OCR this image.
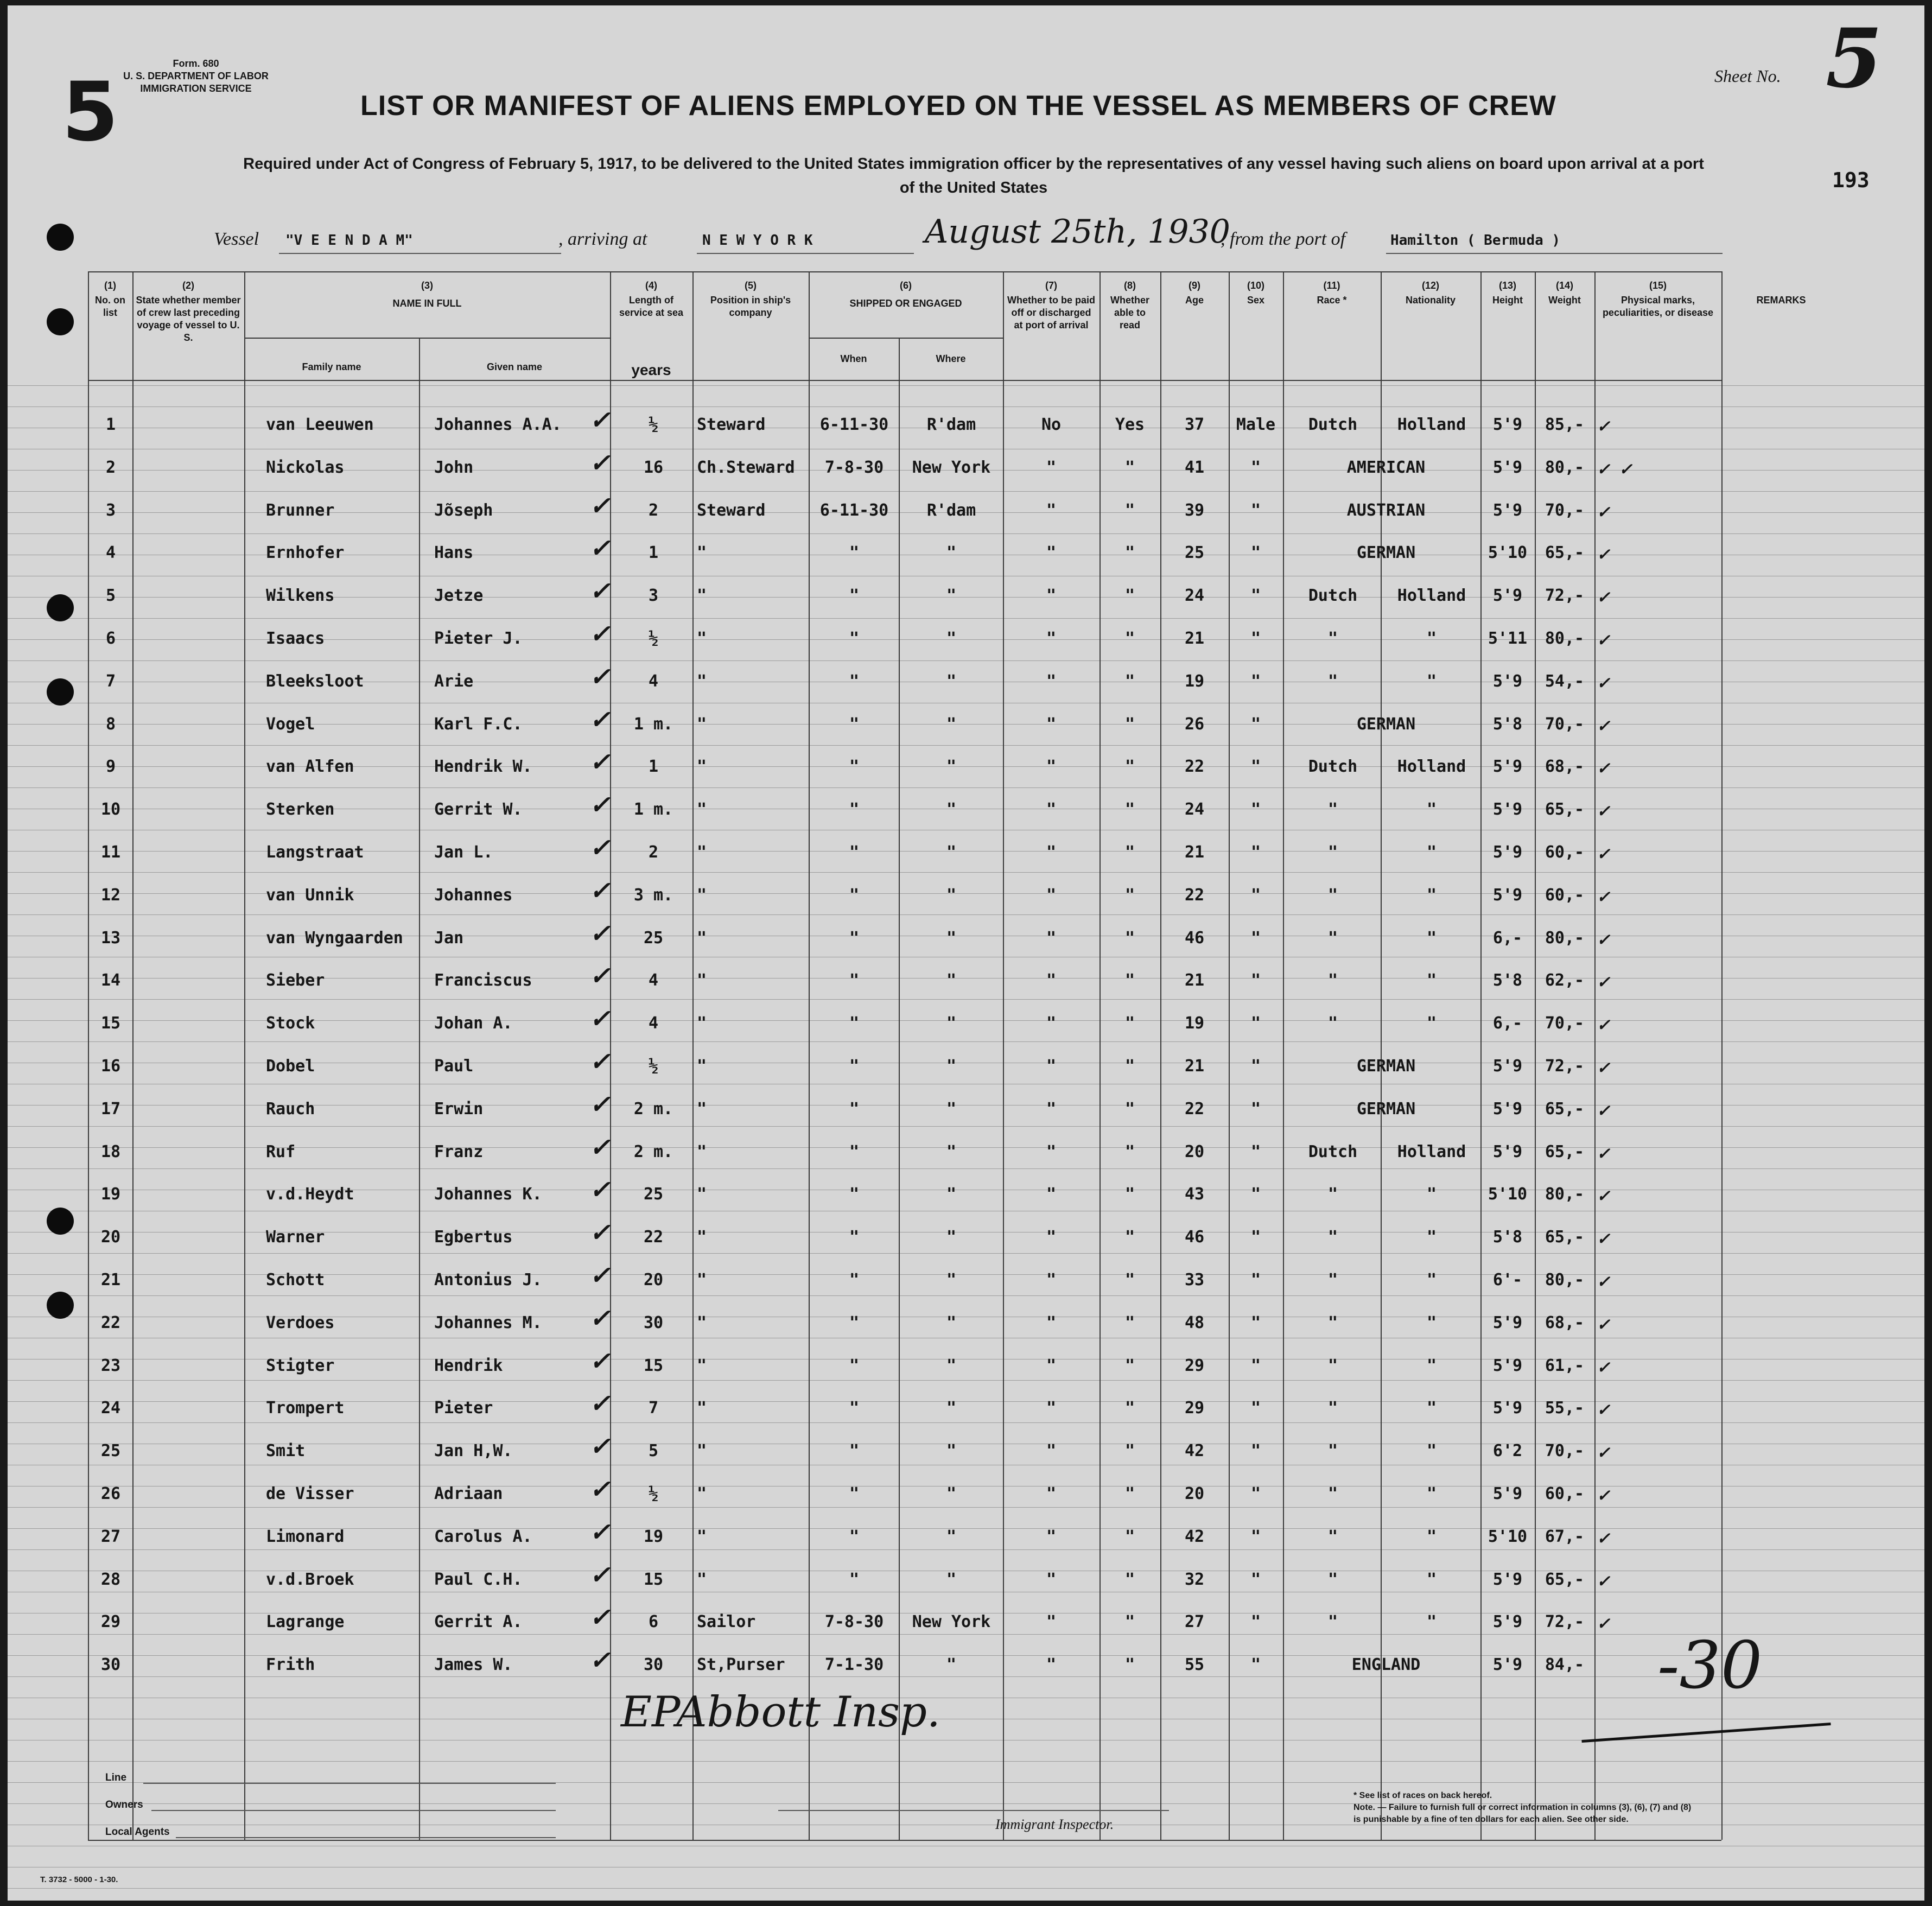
5
Form. 680
U. S. DEPARTMENT OF LABOR
IMMIGRATION SERVICE
Sheet No. 5
LIST OR MANIFEST OF ALIENS EMPLOYED ON THE VESSEL AS MEMBERS OF CREW
Required under Act of Congress of February 5, 1917, to be delivered to the United States immigration officer by the representatives of any vessel having such aliens on board upon arrival at a port
of the United States	193
Vessel "V E E N D A M"	, arriving at	N E W Y O R K	August 25th, 1930
, from the port of	Hamilton ( Bermuda )
(1)
No. on list
(2)
State whether member of crew last preceding voyage of vessel to U. S.
(3)
NAME IN FULL
(4)
Length of service at sea
(5)
Position in ship's company
(6)
SHIPPED OR ENGAGED
(7)
Whether to be paid off or discharged at port of arrival
(8)
Whether able to read
(9)
Age
(10)
Sex
(11)
Race *
(12)
Nationality
(13)
Height
(14)
Weight
(15)
Physical marks, peculiarities, or disease
REMARKS
Family name	Given name	years
When	Where
1	van Leeuwen	Johannes A.A.	½	Steward	6-11-30	R'dam	No	Yes	37	Male	Dutch	Holland	5'9	85,- ✓
✓
2	Nickolas	John	16	Ch.Steward	7-8-30	New York	"	"	41	"	AMERICAN	5'9	80,- ✓ ✓
✓
3	Brunner	Jõseph	2	Steward	6-11-30	R'dam	"	"	39	"	AUSTRIAN	5'9	70,- ✓
✓
4	Ernhofer	Hans	1	"	"	"	"	"	25	"	GERMAN	5'10	65,- ✓
✓
5	Wilkens	Jetze	3	"	"	"	"	"	24	"	Dutch	Holland	5'9	72,- ✓
✓
6	Isaacs	Pieter J.	½	"	"	"	"	"	21	"	"	"	5'11	80,- ✓
✓
7	Bleeksloot	Arie	4	"	"	"	"	"	19	"	"	"	5'9	54,- ✓
✓
8	Vogel	Karl F.C.	1 m.	"	"	"	"	"	26	"	GERMAN	5'8	70,- ✓
✓
9	van Alfen	Hendrik W.	1	"	"	"	"	"	22	"	Dutch	Holland	5'9	68,- ✓
✓
10	Sterken	Gerrit W.	1 m.	"	"	"	"	"	24	"	"	"	5'9	65,- ✓
✓
11	Langstraat	Jan L.	2	"	"	"	"	"	21	"	"	"	5'9	60,- ✓
✓
12	van Unnik	Johannes	3 m.	"	"	"	"	"	22	"	"	"	5'9	60,- ✓
✓
13	van Wyngaarden	Jan	25	"	"	"	"	"	46	"	"	"	6,-	80,- ✓
✓
14	Sieber	Franciscus	4	"	"	"	"	"	21	"	"	"	5'8	62,- ✓
✓
15	Stock	Johan A.	4	"	"	"	"	"	19	"	"	"	6,-	70,- ✓
✓
16	Dobel	Paul	½	"	"	"	"	"	21	"	GERMAN	5'9	72,- ✓
✓
17	Rauch	Erwin	2 m.	"	"	"	"	"	22	"	GERMAN	5'9	65,- ✓
✓
18	Ruf	Franz	2 m.	"	"	"	"	"	20	"	Dutch	Holland	5'9	65,- ✓
✓
19	v.d.Heydt	Johannes K.	25	"	"	"	"	"	43	"	"	"	5'10	80,- ✓
✓
20	Warner	Egbertus	22	"	"	"	"	"	46	"	"	"	5'8	65,- ✓
✓
21	Schott	Antonius J.	20	"	"	"	"	"	33	"	"	"	6'-	80,- ✓
✓
22	Verdoes	Johannes M.	30	"	"	"	"	"	48	"	"	"	5'9	68,- ✓
✓
23	Stigter	Hendrik	15	"	"	"	"	"	29	"	"	"	5'9	61,- ✓
✓
24	Trompert	Pieter	7	"	"	"	"	"	29	"	"	"	5'9	55,- ✓
✓
25	Smit	Jan H,W.	5	"	"	"	"	"	42	"	"	"	6'2	70,- ✓
✓
26	de Visser	Adriaan	½	"	"	"	"	"	20	"	"	"	5'9	60,- ✓
✓
27	Limonard	Carolus A.	19	"	"	"	"	"	42	"	"	"	5'10	67,- ✓
✓
28	v.d.Broek	Paul C.H.	15	"	"	"	"	"	32	"	"	"	5'9	65,- ✓
✓
29	Lagrange	Gerrit A.	6	Sailor	7-8-30	New York	"	"	27	"	"	"	5'9	72,- ✓
✓
30	Frith	James W.	30	St,Purser	7-1-30	"	"	"	55	"	ENGLAND	5'9	84,-
✓	-30
EPAbbott Insp.
Line
Owners
Local Agents	Immigrant Inspector.
* See list of races on back hereof.
Note. — Failure to furnish full or correct information in columns (3), (6), (7) and (8)
is punishable by a fine of ten dollars for each alien. See other side.
T. 3732 - 5000 - 1-30.
